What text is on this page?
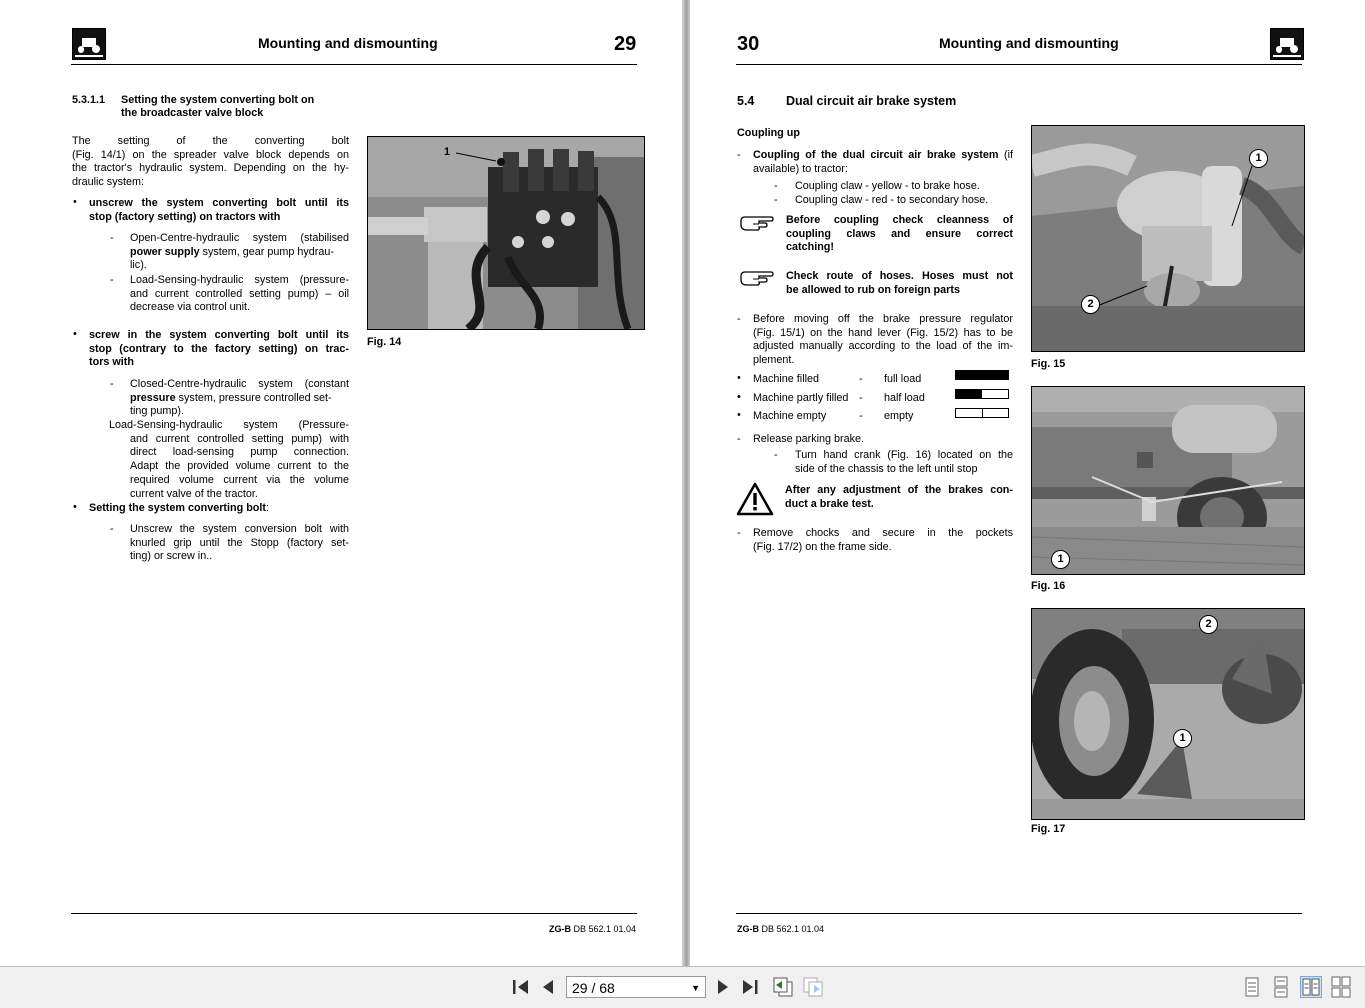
Mounting and dismounting	29
5.3.1.1 Setting the system converting bolt on
the broadcaster valve block
The setting of the converting bolt
(Fig. 14/1) on the spreader valve block depends on
the tractor's hydraulic system. Depending on the hy-
draulic system:
• unscrew the system converting bolt until its
stop (factory setting) on tractors with
- Open-Centre-hydraulic system (stabilised
power supply system, gear pump hydrau-
lic).
- Load-Sensing-hydraulic system (pressure-
and current controlled setting pump) – oil
decrease via control unit.
• screw in the system converting bolt until its
stop (contrary to the factory setting) on trac-
tors with
- Closed-Centre-hydraulic system (constant
pressure system, pressure controlled set-
ting pump).
Load-Sensing-hydraulic system (Pressure-
and current controlled setting pump) with
direct load-sensing pump connection.
Adapt the provided volume current to the
required volume current via the volume
current valve of the tractor.
• Setting the system converting bolt:
- Unscrew the system conversion bolt with
knurled grip until the Stopp (factory set-
ting) or screw in..
1
Fig. 14
ZG-B DB 562.1 01.04
30	Mounting and dismounting
5.4	Dual circuit air brake system
Coupling up
- Coupling of the dual circuit air brake system (if
available) to tractor:
- Coupling claw - yellow - to brake hose.
- Coupling claw - red - to secondary hose.
Before coupling check cleanness of
coupling claws and ensure correct
catching!
Check route of hoses. Hoses must not
be allowed to rub on foreign parts
- Before moving off the brake pressure regulator
(Fig. 15/1) on the hand lever (Fig. 15/2) has to be
adjusted manually according to the load of the im-
plement.
• Machine filled	- full load
• Machine partly filled - half load
• Machine empty	- empty
- Release parking brake.
- Turn hand crank (Fig. 16) located on the
side of the chassis to the left until stop
After any adjustment of the brakes con-
duct a brake test.
- Remove chocks and secure in the pockets
(Fig. 17/2) on the frame side.
1
2
Fig. 15
1
Fig. 16
2
1
Fig. 17
ZG-B DB 562.1 01.04
29 / 68	▼
